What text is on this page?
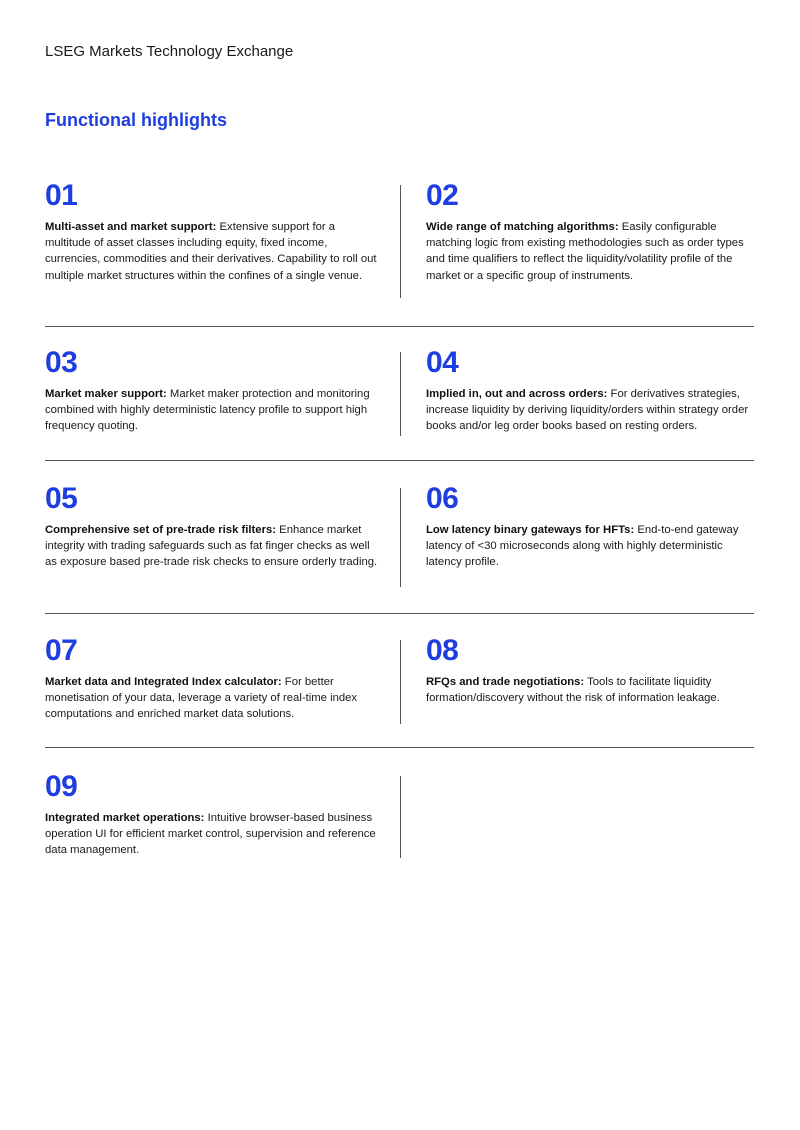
LSEG Markets Technology Exchange
Functional highlights
01
Multi-asset and market support: Extensive support for a multitude of asset classes including equity, fixed income, currencies, commodities and their derivatives. Capability to roll out multiple market structures within the confines of a single venue.
02
Wide range of matching algorithms: Easily configurable matching logic from existing methodologies such as order types and time qualifiers to reflect the liquidity/volatility profile of the market or a specific group of instruments.
03
Market maker support: Market maker protection and monitoring combined with highly deterministic latency profile to support high frequency quoting.
04
Implied in, out and across orders: For derivatives strategies, increase liquidity by deriving liquidity/orders within strategy order books and/or leg order books based on resting orders.
05
Comprehensive set of pre-trade risk filters: Enhance market integrity with trading safeguards such as fat finger checks as well as exposure based pre-trade risk checks to ensure orderly trading.
06
Low latency binary gateways for HFTs: End-to-end gateway latency of <30 microseconds along with highly deterministic latency profile.
07
Market data and Integrated Index calculator: For better monetisation of your data, leverage a variety of real-time index computations and enriched market data solutions.
08
RFQs and trade negotiations: Tools to facilitate liquidity formation/discovery without the risk of information leakage.
09
Integrated market operations: Intuitive browser-based business operation UI for efficient market control, supervision and reference data management.
